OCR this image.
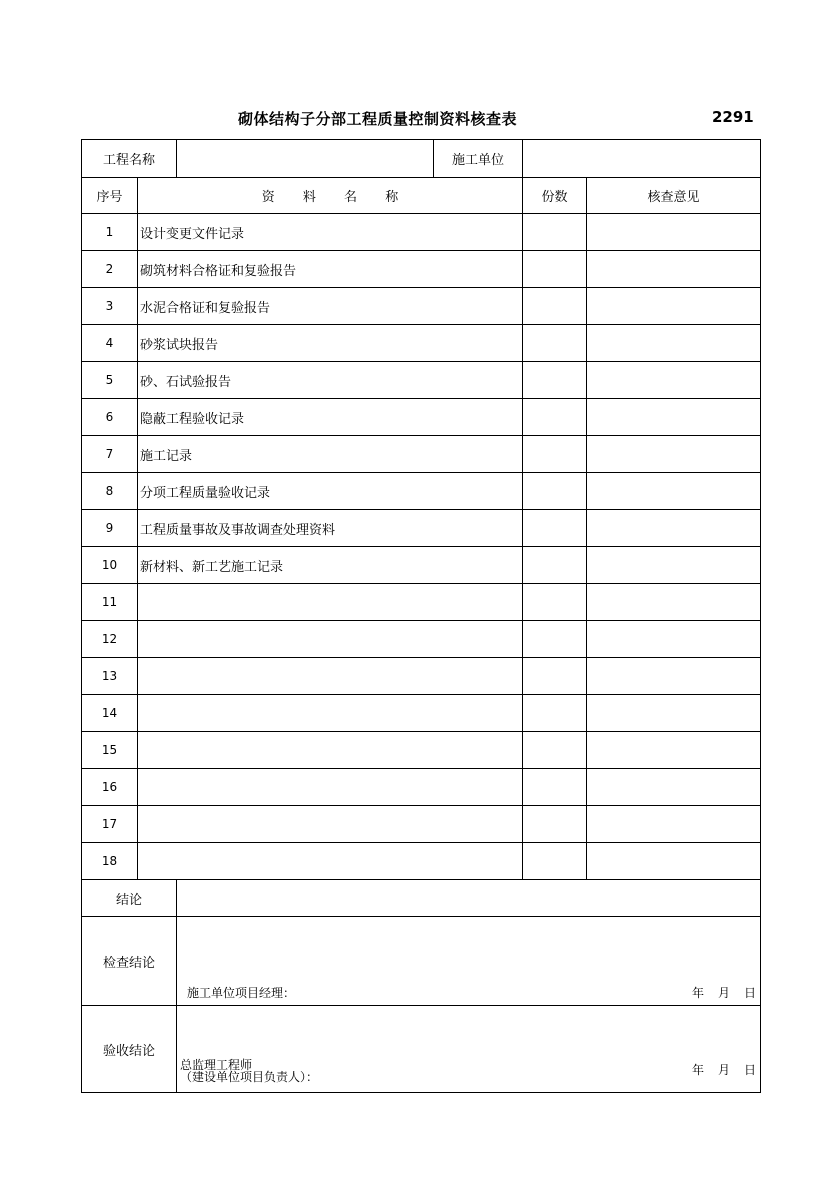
砌体结构子分部工程质量控制资料核查表	2291
工程名称			施工单位		
序号	资 料 名 称			份数	核查意见
1	设计变更文件记录				
2	砌筑材料合格证和复验报告				
3	水泥合格证和复验报告				
4	砂浆试块报告				
5	砂、石试验报告				
6	隐蔽工程验收记录				
7	施工记录				
8	分项工程质量验收记录				
9	工程质量事故及事故调查处理资料				
10	新材料、新工艺施工记录				
11					
12					
13					
14					
15					
16					
17					
18					
结论					
检查结论		施工单位项目经理： 年 月 日			

验收结论		总监理工程师
（建设单位项目负责人）： 年 月 日			
